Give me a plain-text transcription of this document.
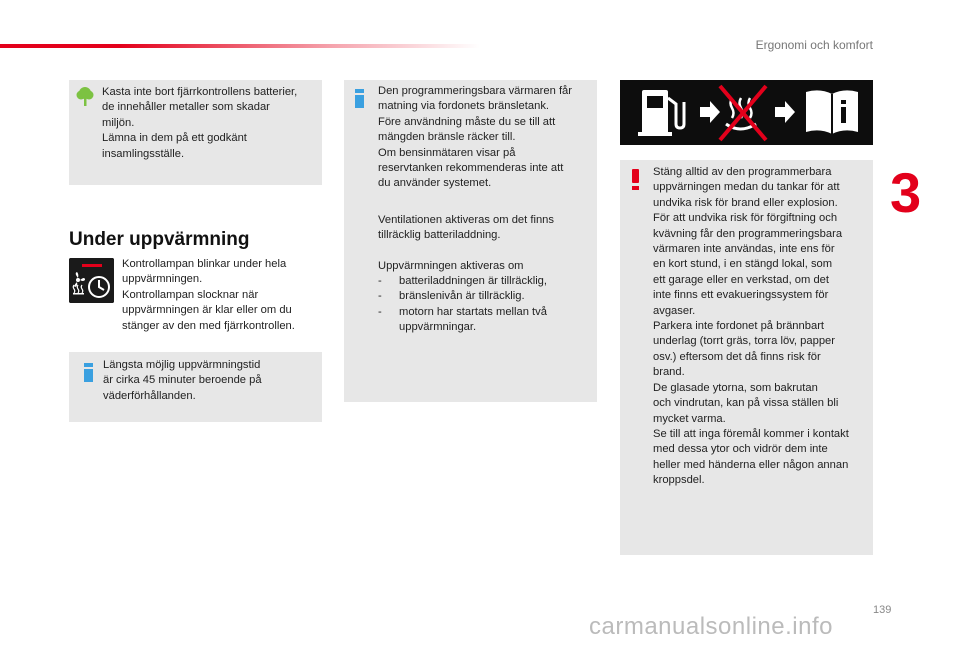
Ergonomi och komfort
3

Kasta inte bort fjärrkontrollens batterier,

de innehåller metaller som skadar

miljön.

Lämna in dem på ett godkänt

insamlingsställe.

Under uppvärmning

Kontrollampan blinkar under hela

uppvärmningen.

Kontrollampan slocknar när

uppvärmningen är klar eller om du

stänger av den med fjärrkontrollen.

Längsta möjlig uppvärmningstid

är cirka 45 minuter beroende på

väderförhållanden.

Den programmeringsbara värmaren får

matning via fordonets bränsletank.

Före användning måste du se till att

mängden bränsle räcker till.

Om bensinmätaren visar på

reservtanken rekommenderas inte att

du använder systemet.

Ventilationen aktiveras om det finns

tillräcklig batteriladdning.

Uppvärmningen aktiveras om

-	batteriladdningen är tillräcklig,

-	bränslenivån är tillräcklig.

-	motorn har startats mellan två

uppvärmningar.

Stäng alltid av den programmerbara

uppvärningen medan du tankar för att

undvika risk för brand eller explosion.

För att undvika risk för förgiftning och

kvävning får den programmeringsbara

värmaren inte användas, inte ens för

en kort stund, i en stängd lokal, som

ett garage eller en verkstad, om det

inte finns ett evakueringssystem för

avgaser.

Parkera inte fordonet på brännbart

underlag (torrt gräs, torra löv, papper

osv.) eftersom det då finns risk för

brand.

De glasade ytorna, som bakrutan

och vindrutan, kan på vissa ställen bli

mycket varma.

Se till att inga föremål kommer i kontakt

med dessa ytor och vidrör dem inte

heller med händerna eller någon annan

kroppsdel.

139
carmanualsonline.info
